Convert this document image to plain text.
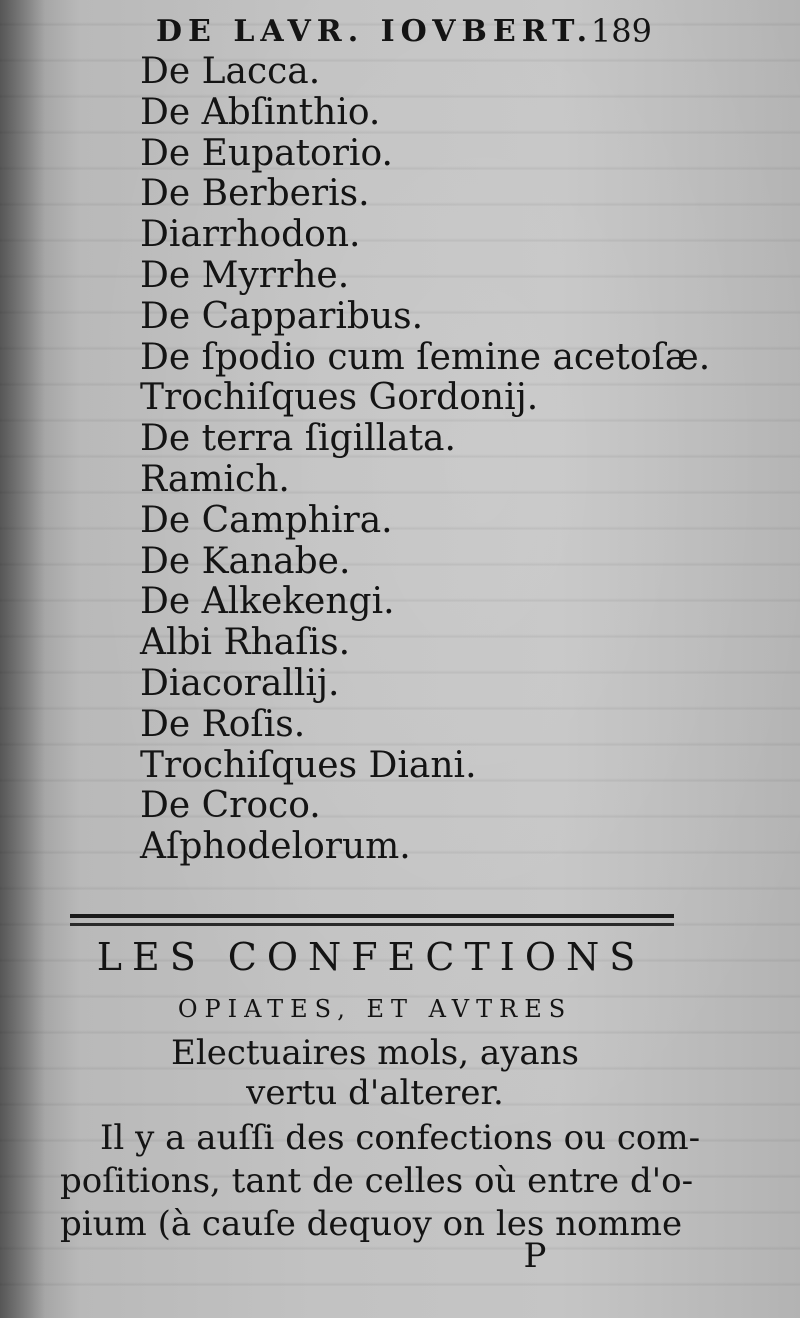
DE LAVR. IOVBERT.
189
De Lacca.
De Abſinthio.
De Eupatorio.
De Berberis.
Diarrhodon.
De Myrrhe.
De Capparibus.
De ſpodio cum ſemine acetoſæ.
Trochiſques Gordonij.
De terra ſigillata.
Ramich.
De Camphira.
De Kanabe.
De Alkekengi.
Albi Rhaſis.
Diacorallij.
De Roſis.
Trochiſques Diani.
De Croco.
Aſphodelorum.
LES CONFECTIONS
OPIATES, ET AVTRES
Electuaires mols, ayans
vertu d'alterer.
Il y a auſſi des confections ou com-
poſitions, tant de celles où entre d'o-
pium (à cauſe dequoy on les nomme
P
